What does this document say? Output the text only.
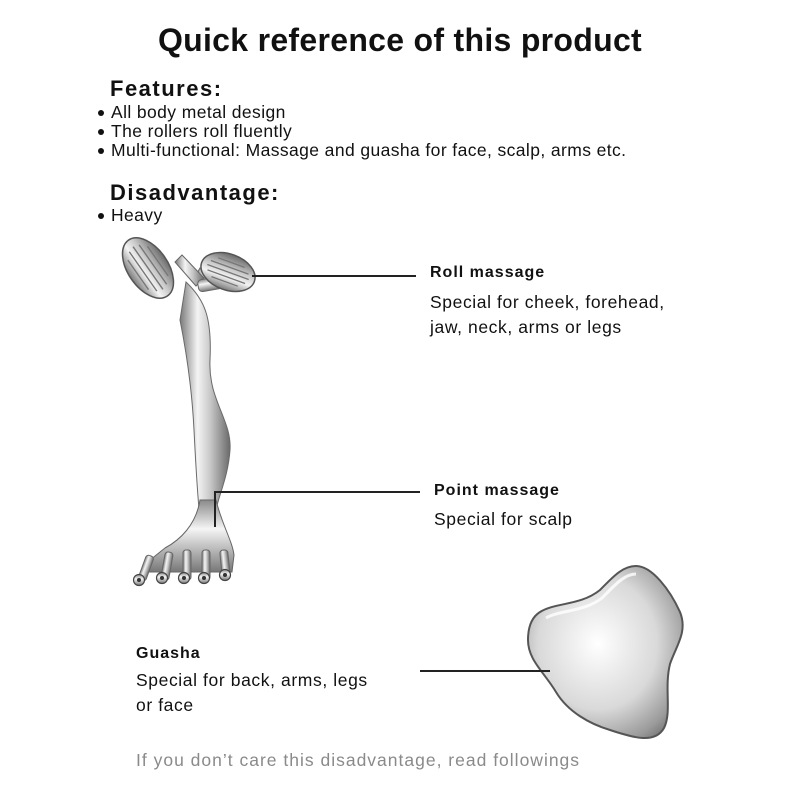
Quick reference of this product
Features:
All body metal design
The rollers roll fluently
Multi-functional: Massage and guasha for face, scalp, arms etc.
Disadvantage:
Heavy
Roll massage
Special for cheek, forehead,
jaw, neck, arms or legs
Point massage
Special for scalp
Guasha
Special for back, arms, legs
or face
If you don’t care this disadvantage, read followings
